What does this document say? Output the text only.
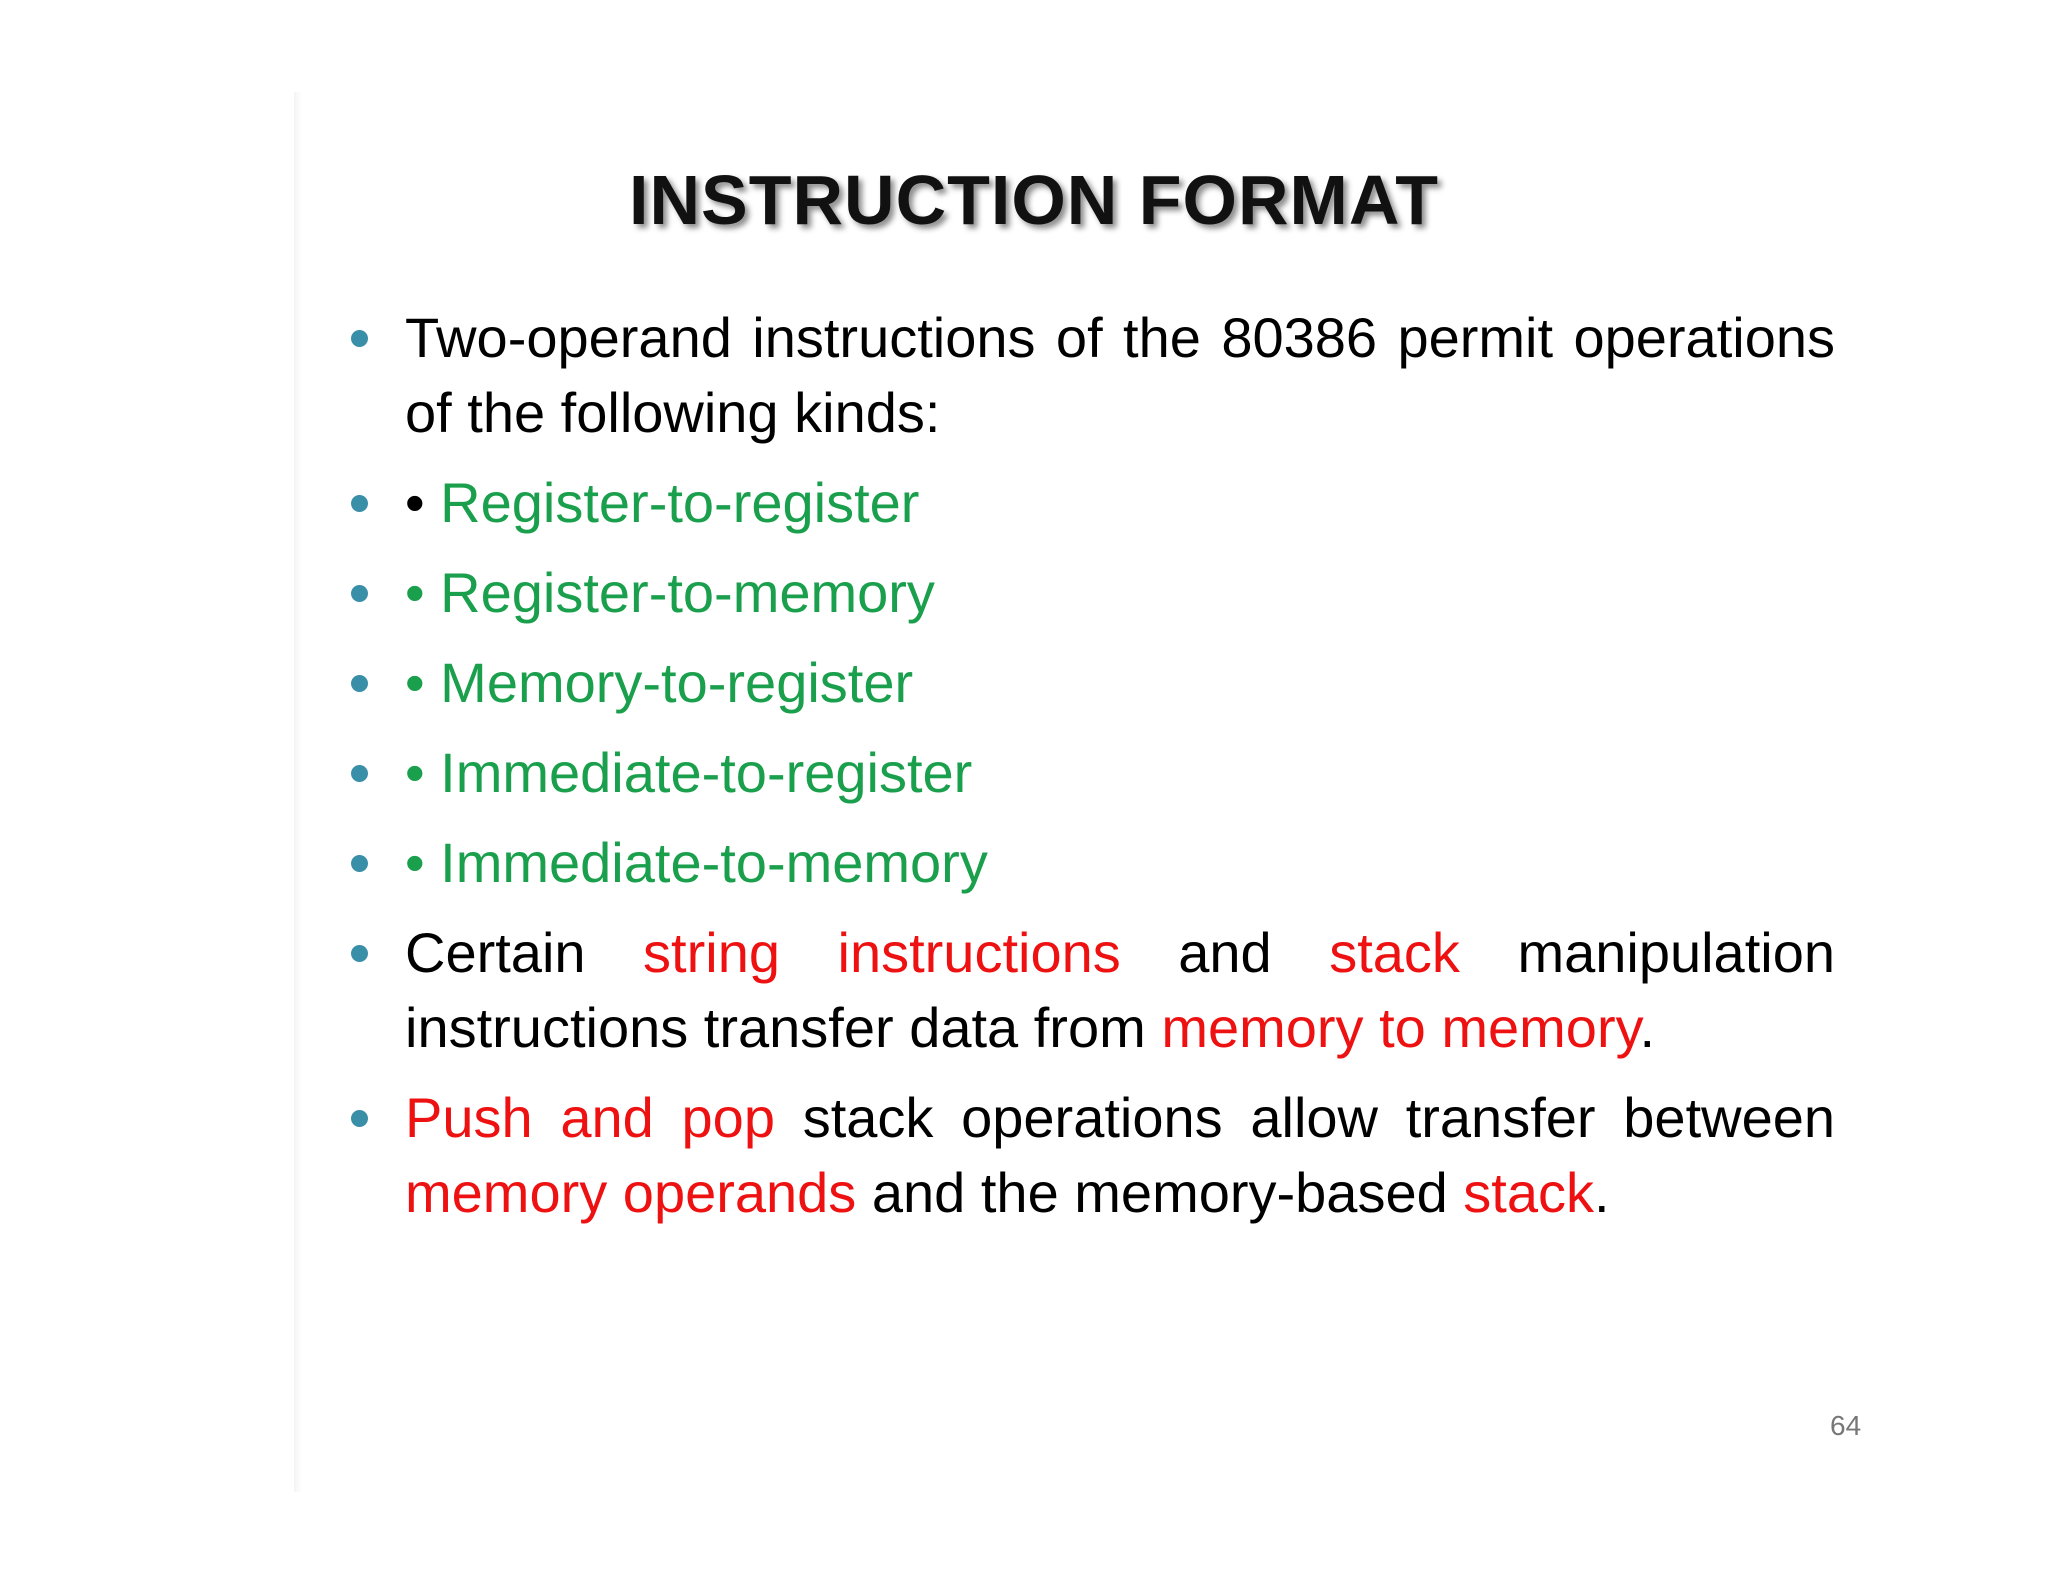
INSTRUCTION FORMAT
Two-operand instructions of the 80386 permit operations of the following kinds:
• Register-to-register
• Register-to-memory
• Memory-to-register
• Immediate-to-register
• Immediate-to-memory
Certain string instructions and stack manipulation instructions transfer data from memory to memory.
Push and pop stack operations allow transfer between memory operands and the memory-based stack.
64
